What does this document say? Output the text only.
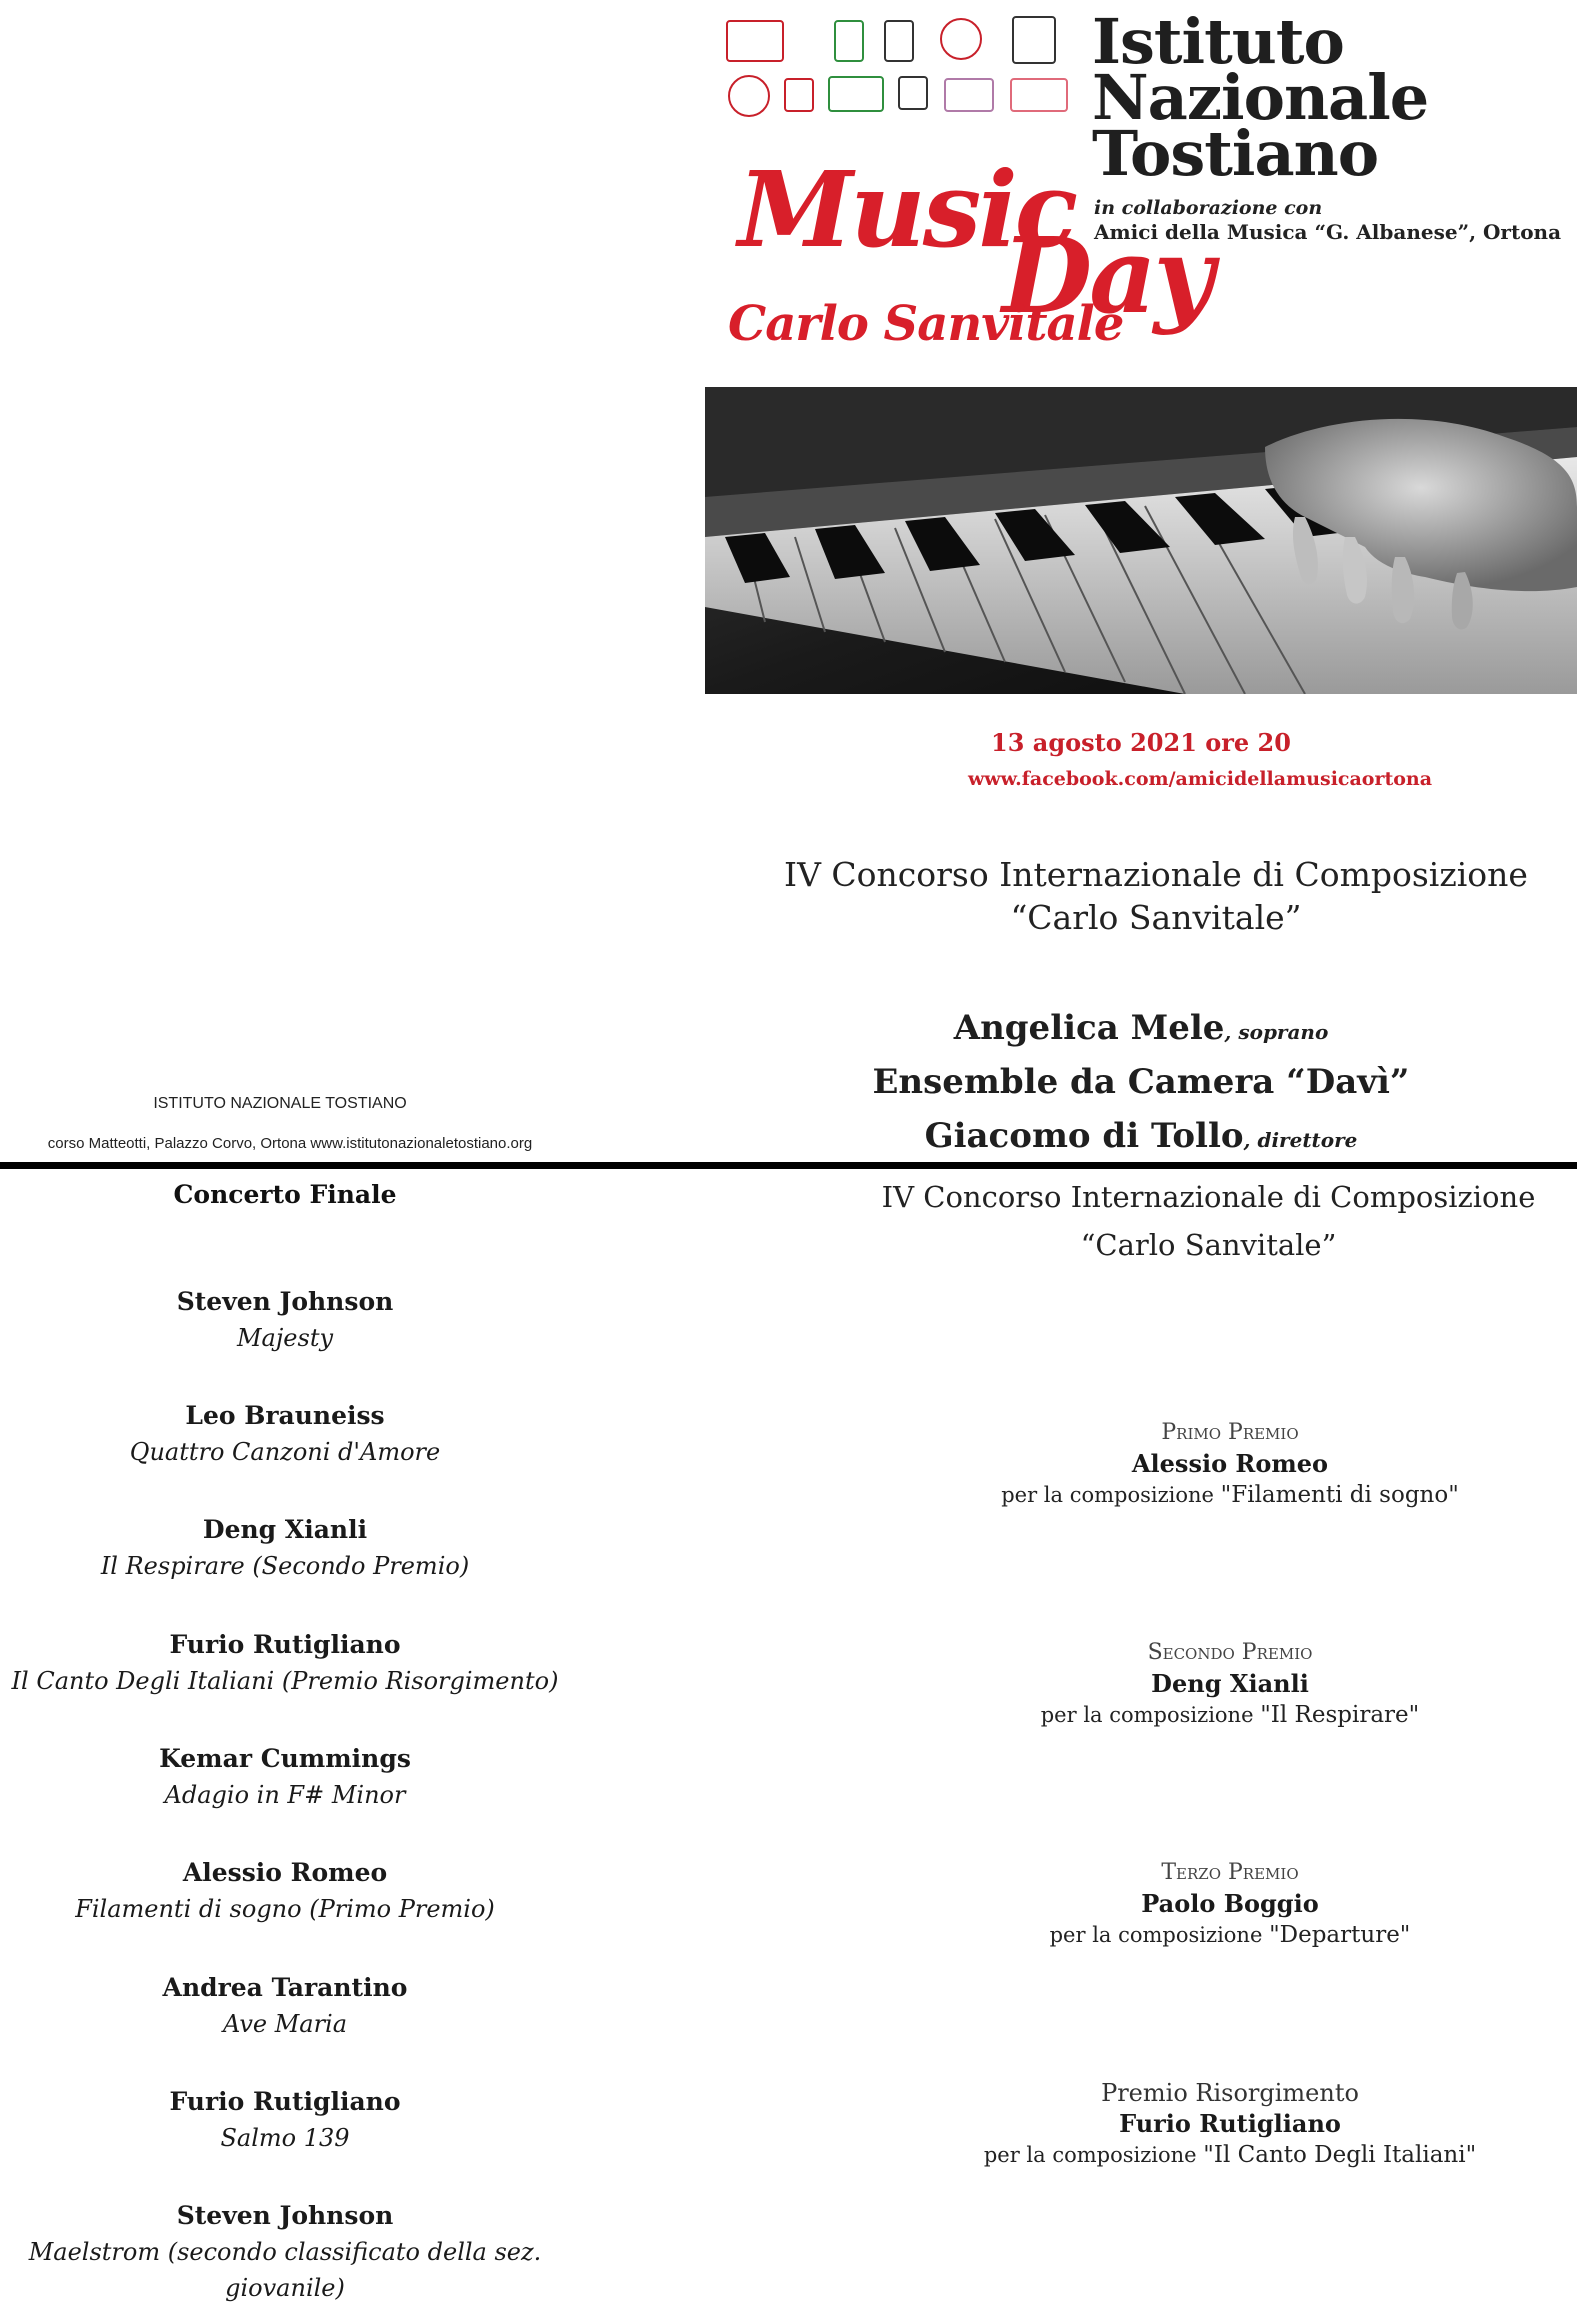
Istituto
Nazionale
Tostiano
in collaborazione con
Amici della Musica “G. Albanese”, Ortona
Music
Day
Carlo Sanvitale
13 agosto 2021 ore 20
www.facebook.com/amicidellamusicaortona
IV Concorso Internazionale di Composizione
“Carlo Sanvitale”
Angelica Mele, soprano
Ensemble da Camera “Davì”
Giacomo di Tollo, direttore
ISTITUTO NAZIONALE TOSTIANO
corso Matteotti, Palazzo Corvo, Ortona www.istitutonazionaletostiano.org
Concerto Finale
Steven Johnson
Majesty
Leo Brauneiss
Quattro Canzoni d'Amore
Deng Xianli
Il Respirare (Secondo Premio)
Furio Rutigliano
Il Canto Degli Italiani (Premio Risorgimento)
Kemar Cummings
Adagio in F# Minor
Alessio Romeo
Filamenti di sogno (Primo Premio)
Andrea Tarantino
Ave Maria
Furio Rutigliano
Salmo 139
Steven Johnson
Maelstrom (secondo classificato della sez. giovanile)
IV Concorso Internazionale di Composizione
“Carlo Sanvitale”
Primo Premio
Alessio Romeo
per la composizione "Filamenti di sogno"
Secondo Premio
Deng Xianli
per la composizione "Il Respirare"
Terzo Premio
Paolo Boggio
per la composizione "Departure"
Premio Risorgimento
Furio Rutigliano
per la composizione "Il Canto Degli Italiani"
